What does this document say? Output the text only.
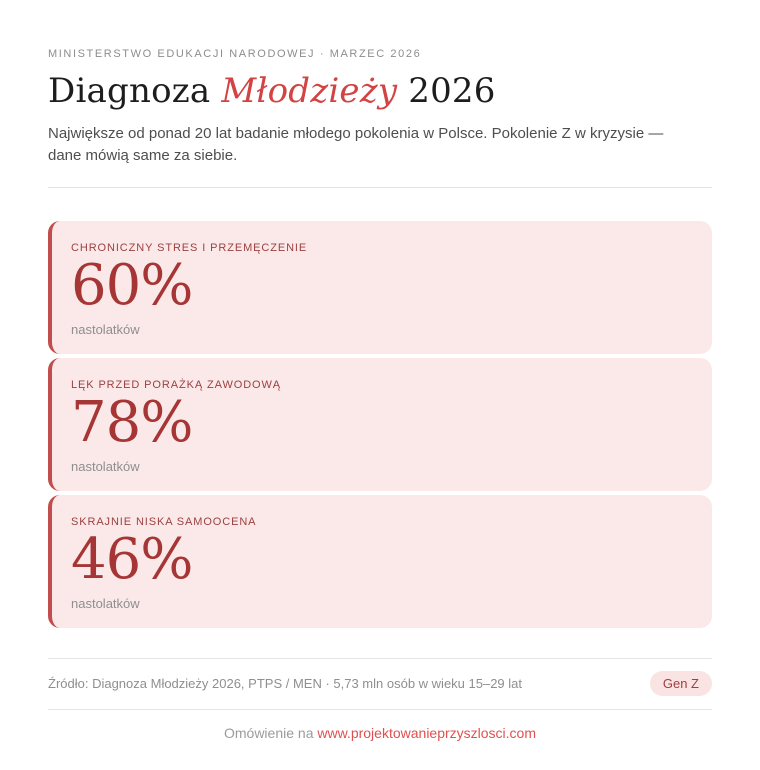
MINISTERSTWO EDUKACJI NARODOWEJ · MARZEC 2026
Diagnoza Młodzieży 2026

Największe od ponad 20 lat badanie młodego pokolenia w Polsce. Pokolenie Z w kryzysie — dane mówią same za siebie.

CHRONICZNY STRES I PRZEMĘCZENIE
60%
nastolatków
LĘK PRZED PORAŻKĄ ZAWODOWĄ
78%
nastolatków
SKRAJNIE NISKA SAMOOCENA
46%
nastolatków
Źródło: Diagnoza Młodzieży 2026, PTPS / MEN · 5,73 mln osób w wieku 15–29 lat	Gen Z
Omówienie na www.projektowanieprzyszlosci.com
